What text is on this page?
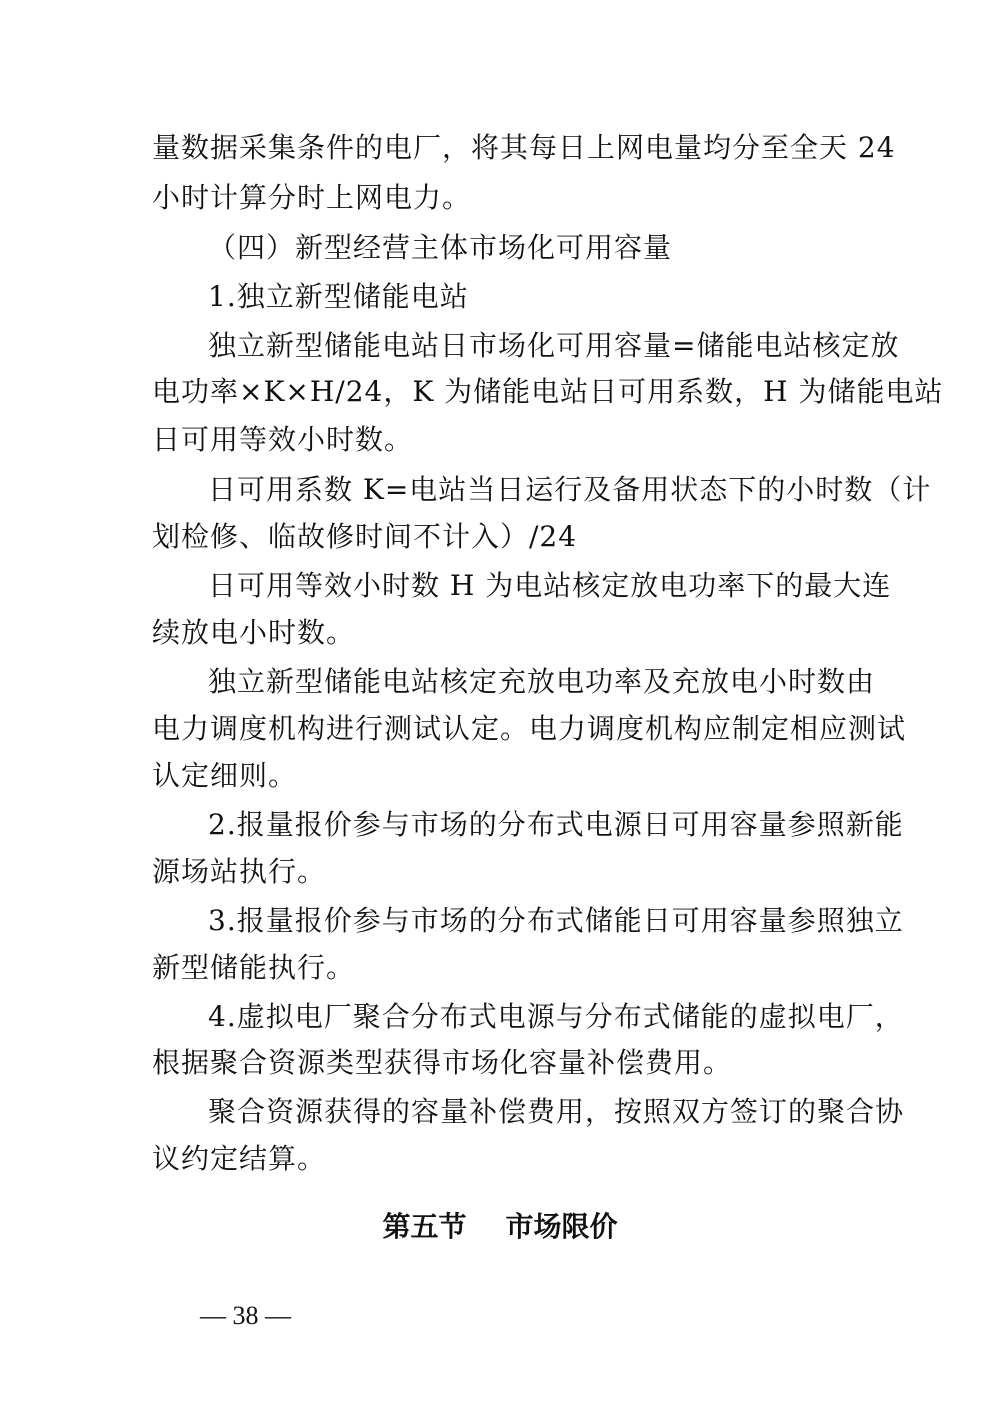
量数据采集条件的电厂，将其每日上网电量均分至全天 24
小时计算分时上网电力。
（四）新型经营主体市场化可用容量
1.独立新型储能电站
独立新型储能电站日市场化可用容量=储能电站核定放
电功率×K×H/24，K 为储能电站日可用系数，H 为储能电站
日可用等效小时数。
日可用系数 K=电站当日运行及备用状态下的小时数（计
划检修、临故修时间不计入）/24
日可用等效小时数 H 为电站核定放电功率下的最大连
续放电小时数。
独立新型储能电站核定充放电功率及充放电小时数由
电力调度机构进行测试认定。电力调度机构应制定相应测试
认定细则。
2.报量报价参与市场的分布式电源日可用容量参照新能
源场站执行。
3.报量报价参与市场的分布式储能日可用容量参照独立
新型储能执行。
4.虚拟电厂聚合分布式电源与分布式储能的虚拟电厂，
根据聚合资源类型获得市场化容量补偿费用。
聚合资源获得的容量补偿费用，按照双方签订的聚合协
议约定结算。
第五节    市场限价
— 38 —
